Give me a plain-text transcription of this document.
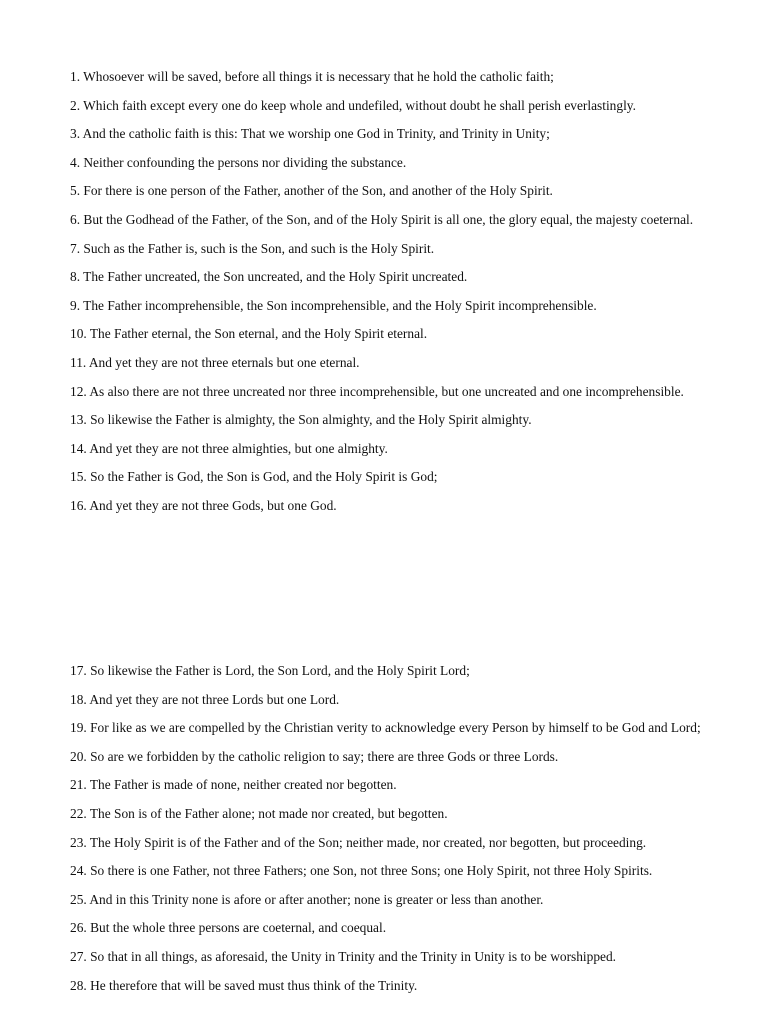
1. Whosoever will be saved, before all things it is necessary that he hold the catholic faith;
2. Which faith except every one do keep whole and undefiled, without doubt he shall perish everlastingly.
3. And the catholic faith is this: That we worship one God in Trinity, and Trinity in Unity;
4. Neither confounding the persons nor dividing the substance.
5. For there is one person of the Father, another of the Son, and another of the Holy Spirit.
6. But the Godhead of the Father, of the Son, and of the Holy Spirit is all one, the glory equal, the majesty coeternal.
7. Such as the Father is, such is the Son, and such is the Holy Spirit.
8. The Father uncreated, the Son uncreated, and the Holy Spirit uncreated.
9. The Father incomprehensible, the Son incomprehensible, and the Holy Spirit incomprehensible.
10. The Father eternal, the Son eternal, and the Holy Spirit eternal.
11. And yet they are not three eternals but one eternal.
12. As also there are not three uncreated nor three incomprehensible, but one uncreated and one incomprehensible.
13. So likewise the Father is almighty, the Son almighty, and the Holy Spirit almighty.
14. And yet they are not three almighties, but one almighty.
15. So the Father is God, the Son is God, and the Holy Spirit is God;
16. And yet they are not three Gods, but one God.
17. So likewise the Father is Lord, the Son Lord, and the Holy Spirit Lord;
18. And yet they are not three Lords but one Lord.
19. For like as we are compelled by the Christian verity to acknowledge every Person by himself to be God and Lord;
20. So are we forbidden by the catholic religion to say; there are three Gods or three Lords.
21. The Father is made of none, neither created nor begotten.
22. The Son is of the Father alone; not made nor created, but begotten.
23. The Holy Spirit is of the Father and of the Son; neither made, nor created, nor begotten, but proceeding.
24. So there is one Father, not three Fathers; one Son, not three Sons; one Holy Spirit, not three Holy Spirits.
25. And in this Trinity none is afore or after another; none is greater or less than another.
26. But the whole three persons are coeternal, and coequal.
27. So that in all things, as aforesaid, the Unity in Trinity and the Trinity in Unity is to be worshipped.
28. He therefore that will be saved must thus think of the Trinity.
